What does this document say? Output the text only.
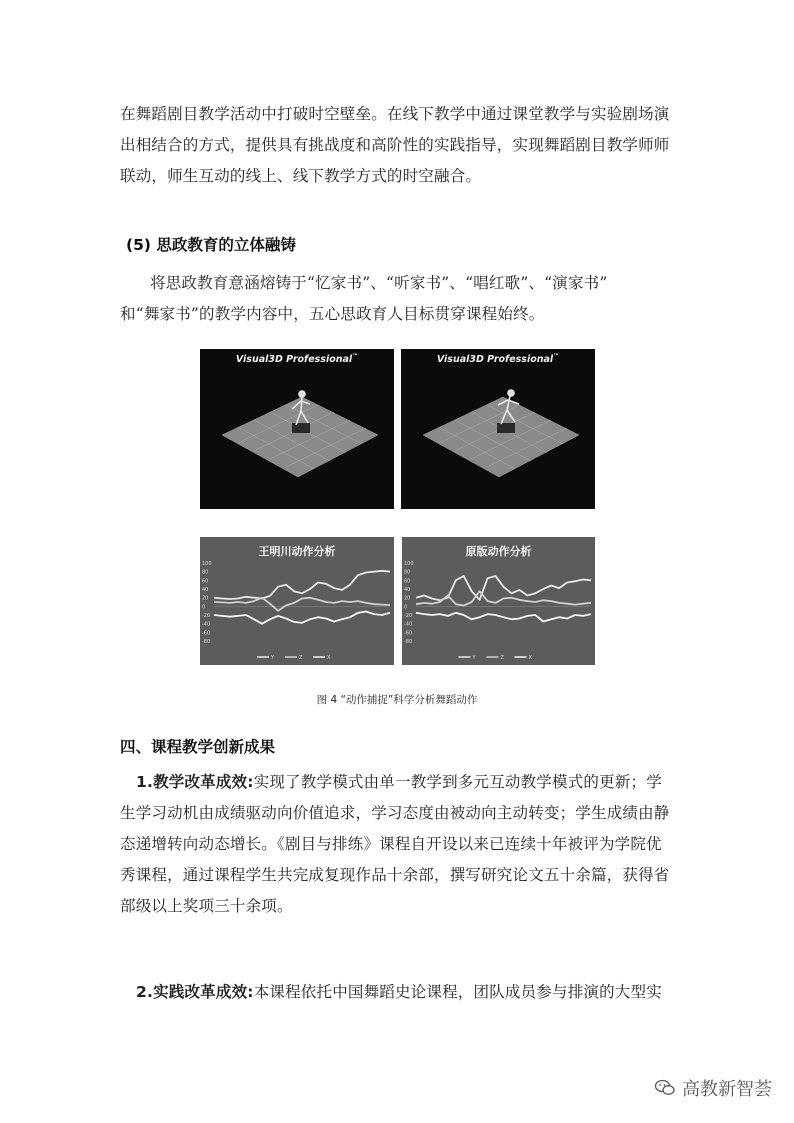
在舞蹈剧目教学活动中打破时空壁垒。在线下教学中通过课堂教学与实验剧场演
出相结合的方式，提供具有挑战度和高阶性的实践指导，实现舞蹈剧目教学师师
联动，师生互动的线上、线下教学方式的时空融合。
(5) 思政教育的立体融铸
将思政教育意涵熔铸于“忆家书”、“听家书”、“唱红歌”、“演家书”
和“舞家书”的教学内容中，五心思政育人目标贯穿课程始终。
Visual3D Professional™	Visual3D Professional™
王明川动作分析
100
80
60
40
20
0
-20
-40
-60
-80
Y	Z	X
原版动作分析
100
80
60
40
20
0
-20
-40
-60
-80
Y	Z	X
图 4 “动作捕捉”科学分析舞蹈动作
四、课程教学创新成果
1.教学改革成效:实现了教学模式由单一教学到多元互动教学模式的更新；学
生学习动机由成绩驱动向价值追求，学习态度由被动向主动转变；学生成绩由静
态递增转向动态增长。《剧目与排练》课程自开设以来已连续十年被评为学院优
秀课程，通过课程学生共完成复现作品十余部，撰写研究论文五十余篇，获得省
部级以上奖项三十余项。
2.实践改革成效:本课程依托中国舞蹈史论课程，团队成员参与排演的大型实
高教新智荟
